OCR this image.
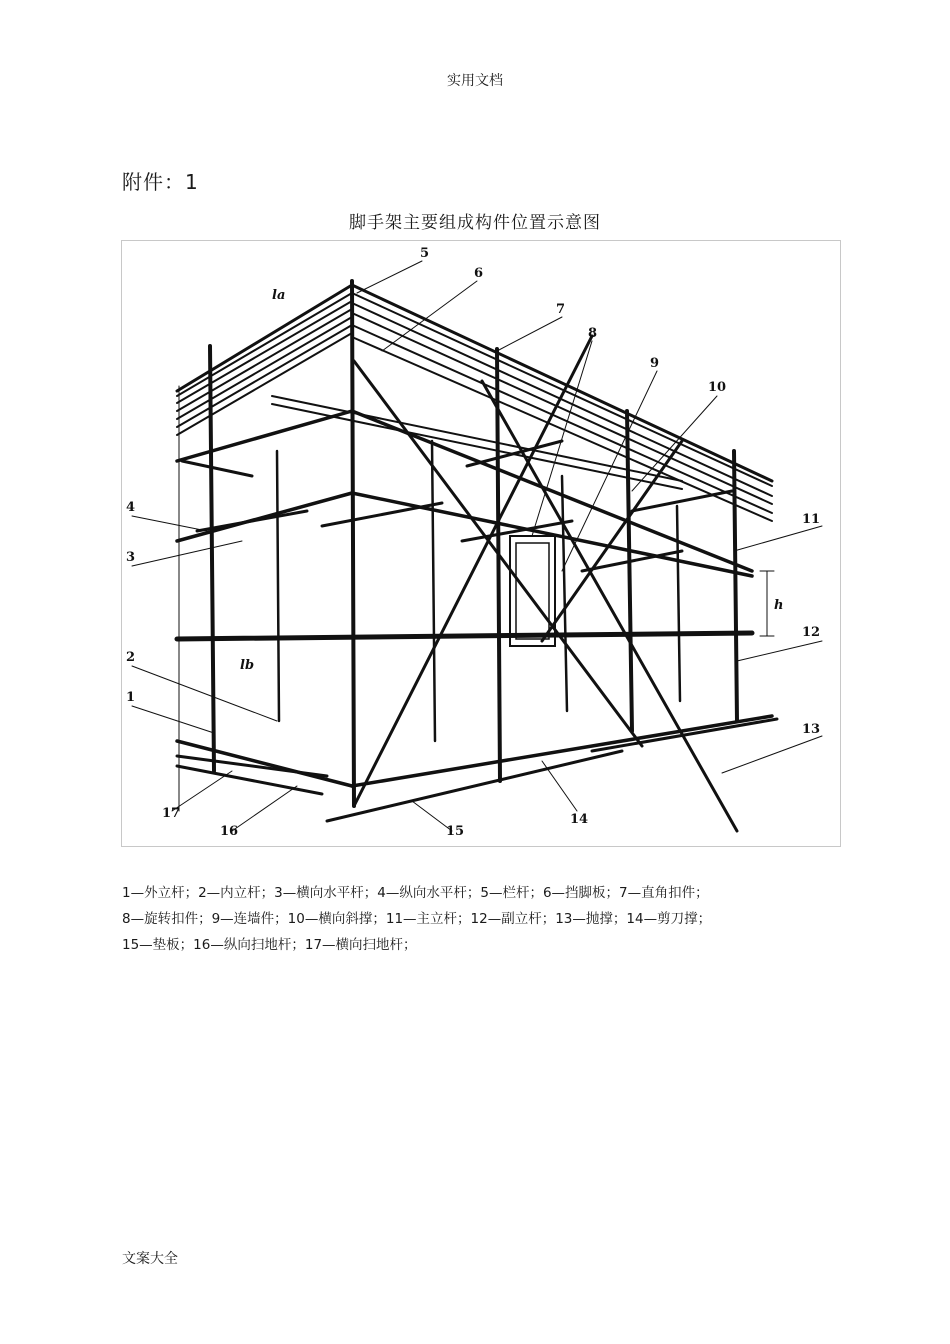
实用文档
附件：1
脚手架主要组成构件位置示意图
1
2
3
4
5
6
7
8
9
10
11
12
13
14
15
16
17
la
lb
h

1—外立杆；2—内立杆；3—横向水平杆；4—纵向水平杆；5—栏杆；6—挡脚板；7—直角扣件；

8—旋转扣件；9—连墙件；10—横向斜撑；11—主立杆；12—副立杆；13—抛撑；14—剪刀撑；

15—垫板；16—纵向扫地杆；17—横向扫地杆；

文案大全
